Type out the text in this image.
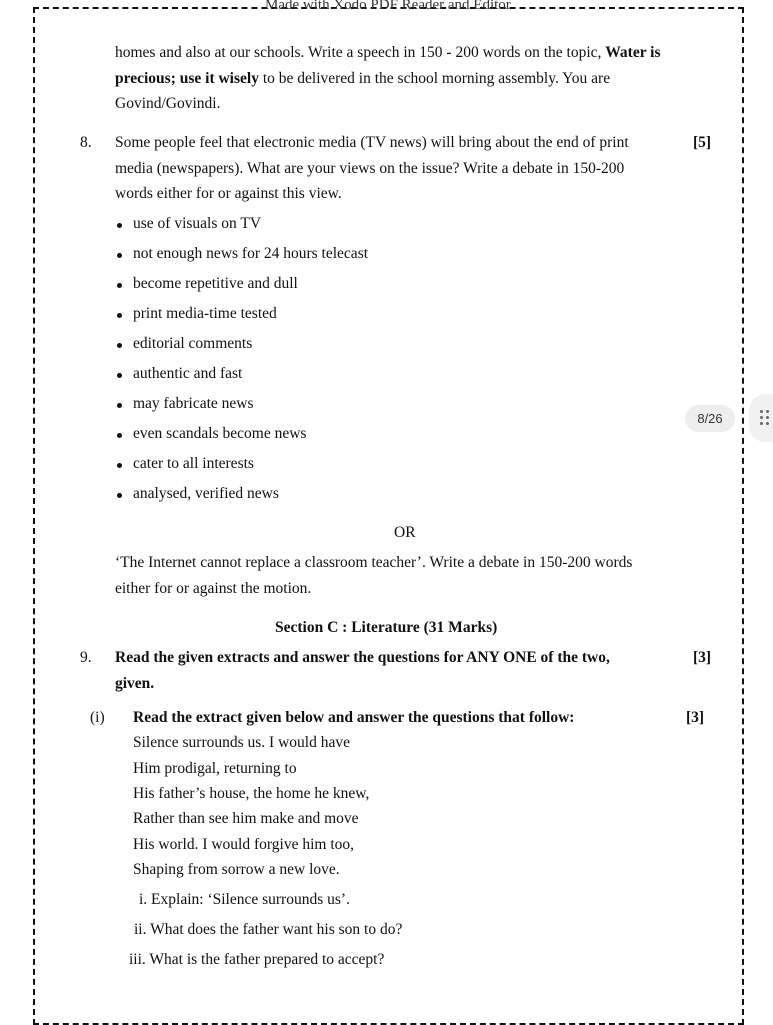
Made with Xodo PDF Reader and Editor
homes and also at our schools. Write a speech in 150 - 200 words on the topic, Water is
precious; use it wisely to be delivered in the school morning assembly. You are
Govind/Govindi.
8. Some people feel that electronic media (TV news) will bring about the end of print	[5]
media (newspapers). What are your views on the issue? Write a debate in 150-200
words either for or against this view.
use of visuals on TV
not enough news for 24 hours telecast
become repetitive and dull
print media-time tested
editorial comments
authentic and fast
may fabricate news
even scandals become news
cater to all interests
analysed, verified news
OR
‘The Internet cannot replace a classroom teacher’. Write a debate in 150-200 words
either for or against the motion.
Section C : Literature (31 Marks)
9. Read the given extracts and answer the questions for ANY ONE of the two,	[3]
given.
(i) Read the extract given below and answer the questions that follow:	[3]
Silence surrounds us. I would have
Him prodigal, returning to
His father’s house, the home he knew,
Rather than see him make and move
His world. I would forgive him too,
Shaping from sorrow a new love.
i. Explain: ‘Silence surrounds us’.
ii. What does the father want his son to do?
iii. What is the father prepared to accept?
8/26
